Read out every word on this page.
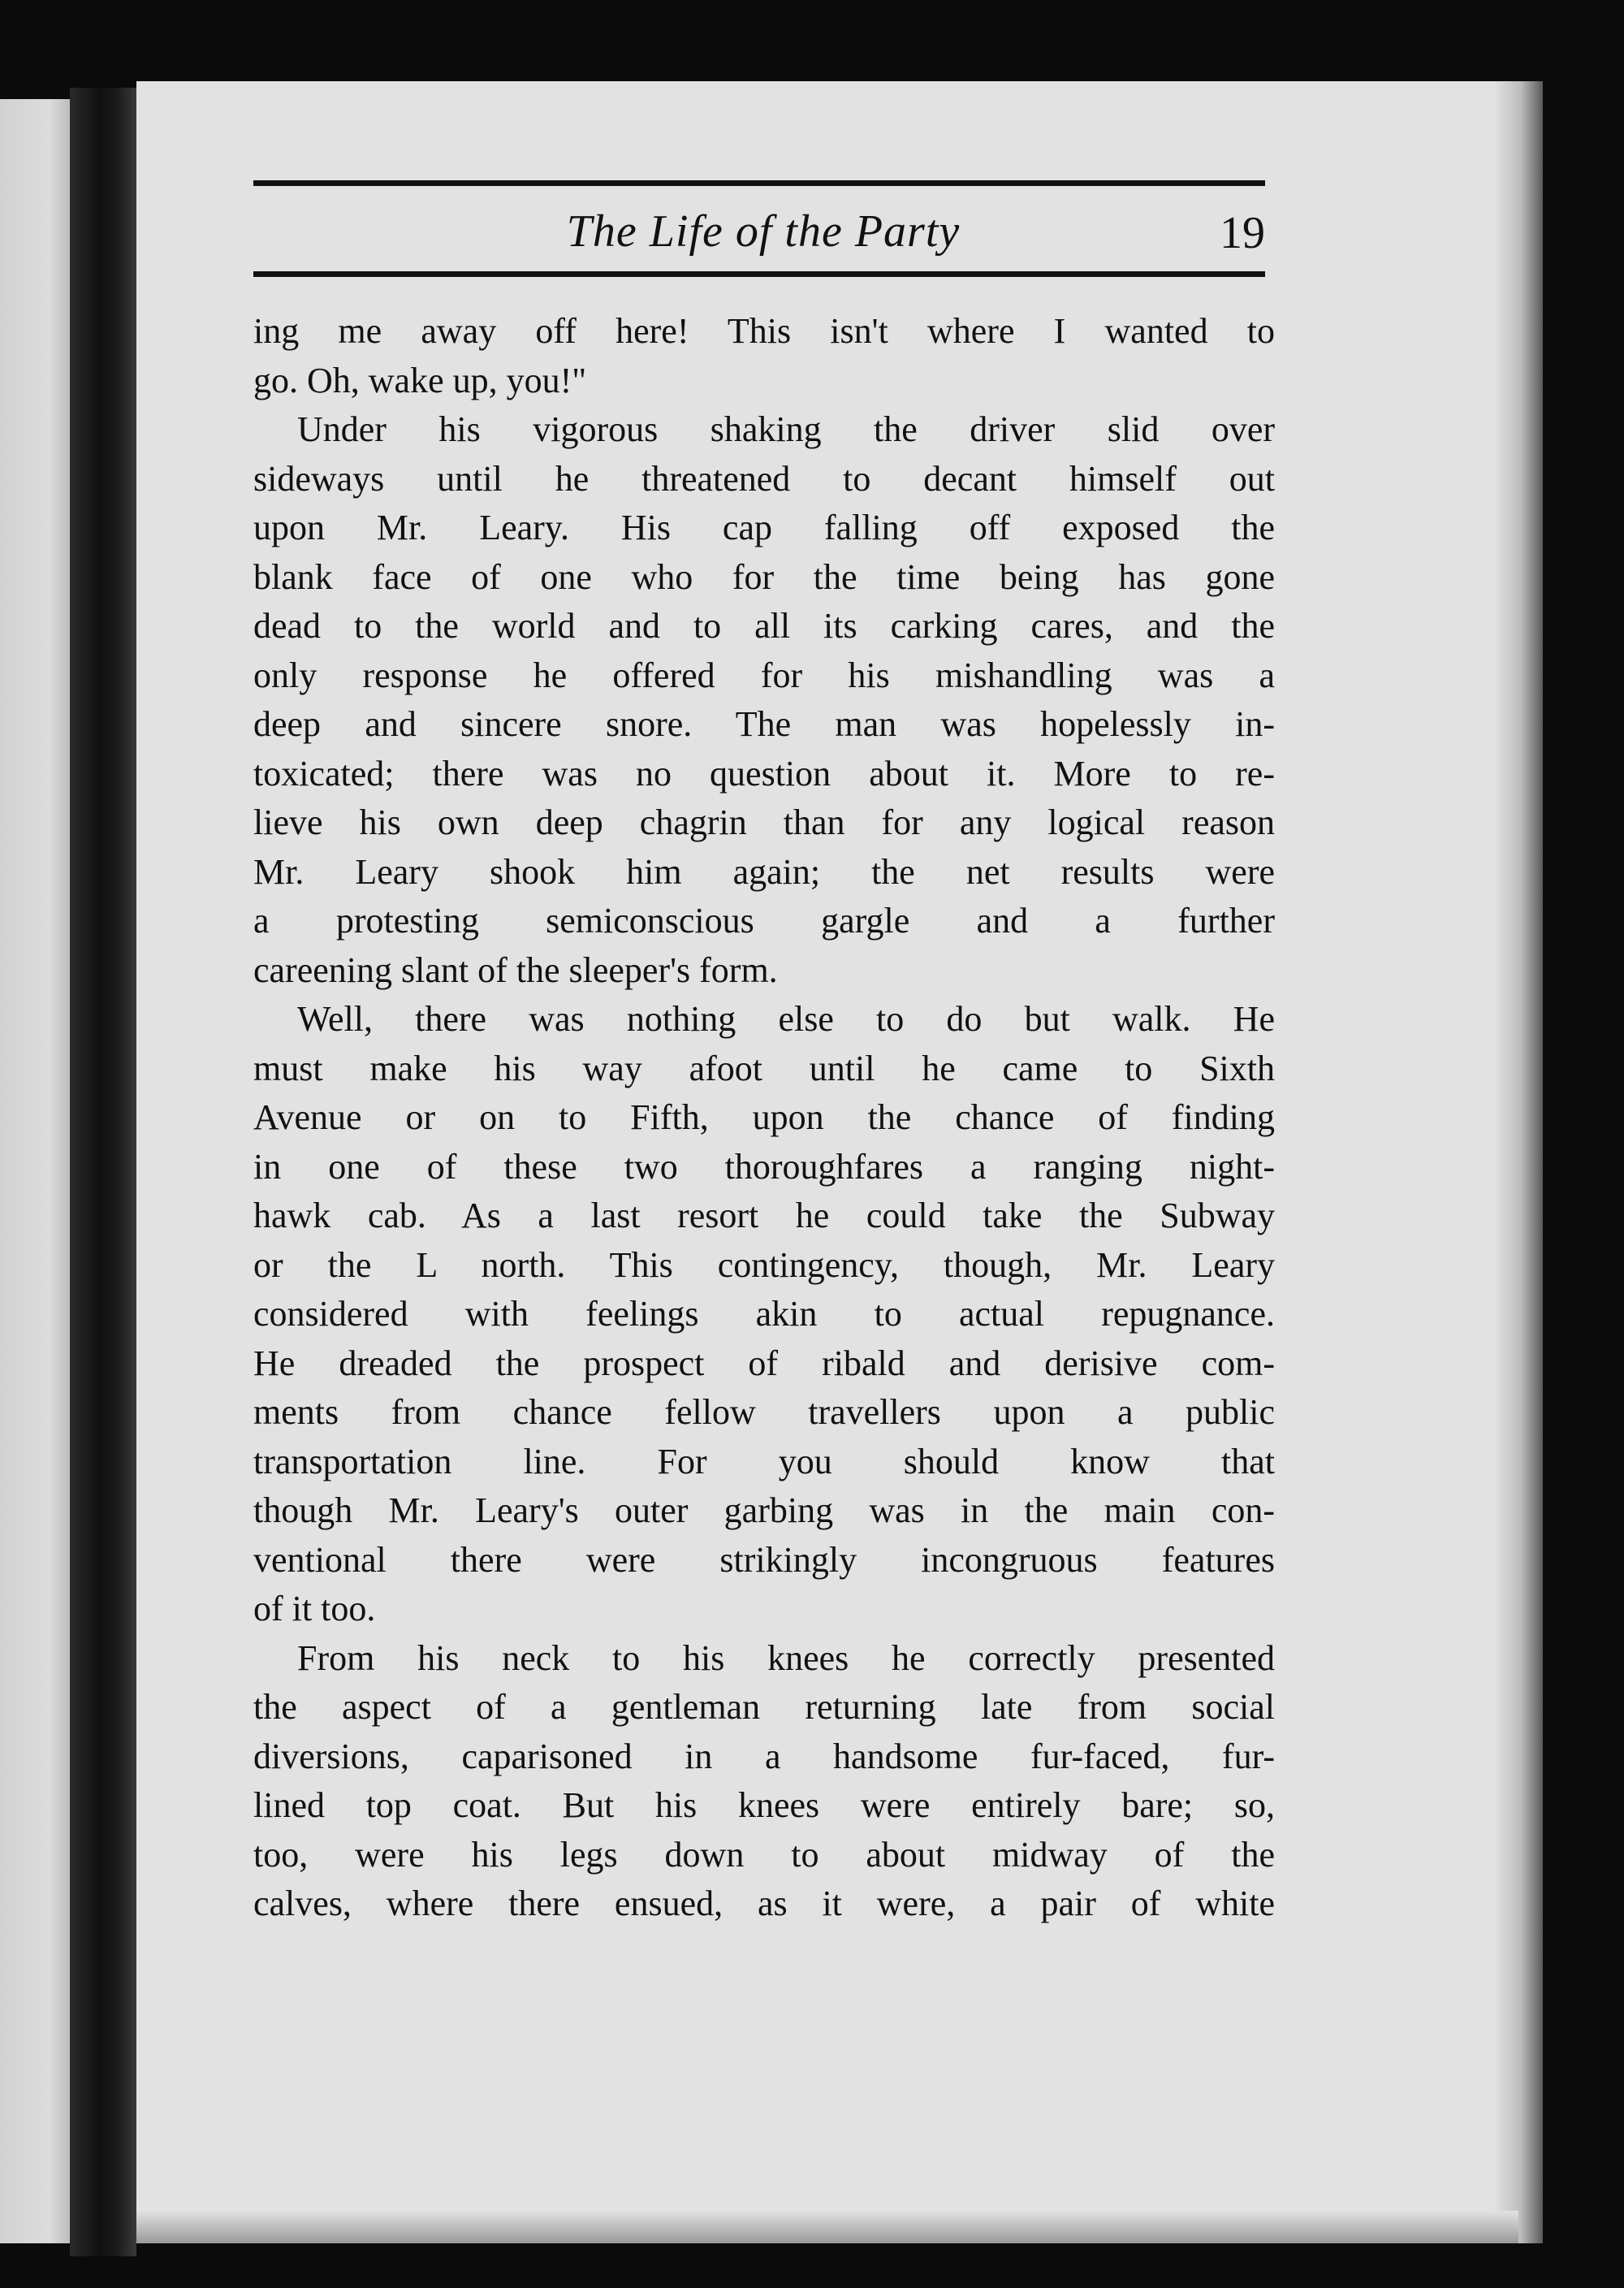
The Life of the Party	19
ing me away off here! This isn't where I wanted to
go. Oh, wake up, you!"
Under his vigorous shaking the driver slid over
sideways until he threatened to decant himself out
upon Mr. Leary. His cap falling off exposed the
blank face of one who for the time being has gone
dead to the world and to all its carking cares, and the
only response he offered for his mishandling was a
deep and sincere snore. The man was hopelessly in-
toxicated; there was no question about it. More to re-
lieve his own deep chagrin than for any logical reason
Mr. Leary shook him again; the net results were
a protesting semiconscious gargle and a further
careening slant of the sleeper's form.
Well, there was nothing else to do but walk. He
must make his way afoot until he came to Sixth
Avenue or on to Fifth, upon the chance of finding
in one of these two thoroughfares a ranging night-
hawk cab. As a last resort he could take the Subway
or the L north. This contingency, though, Mr. Leary
considered with feelings akin to actual repugnance.
He dreaded the prospect of ribald and derisive com-
ments from chance fellow travellers upon a public
transportation line. For you should know that
though Mr. Leary's outer garbing was in the main con-
ventional there were strikingly incongruous features
of it too.
From his neck to his knees he correctly presented
the aspect of a gentleman returning late from social
diversions, caparisoned in a handsome fur-faced, fur-
lined top coat. But his knees were entirely bare; so,
too, were his legs down to about midway of the
calves, where there ensued, as it were, a pair of white
